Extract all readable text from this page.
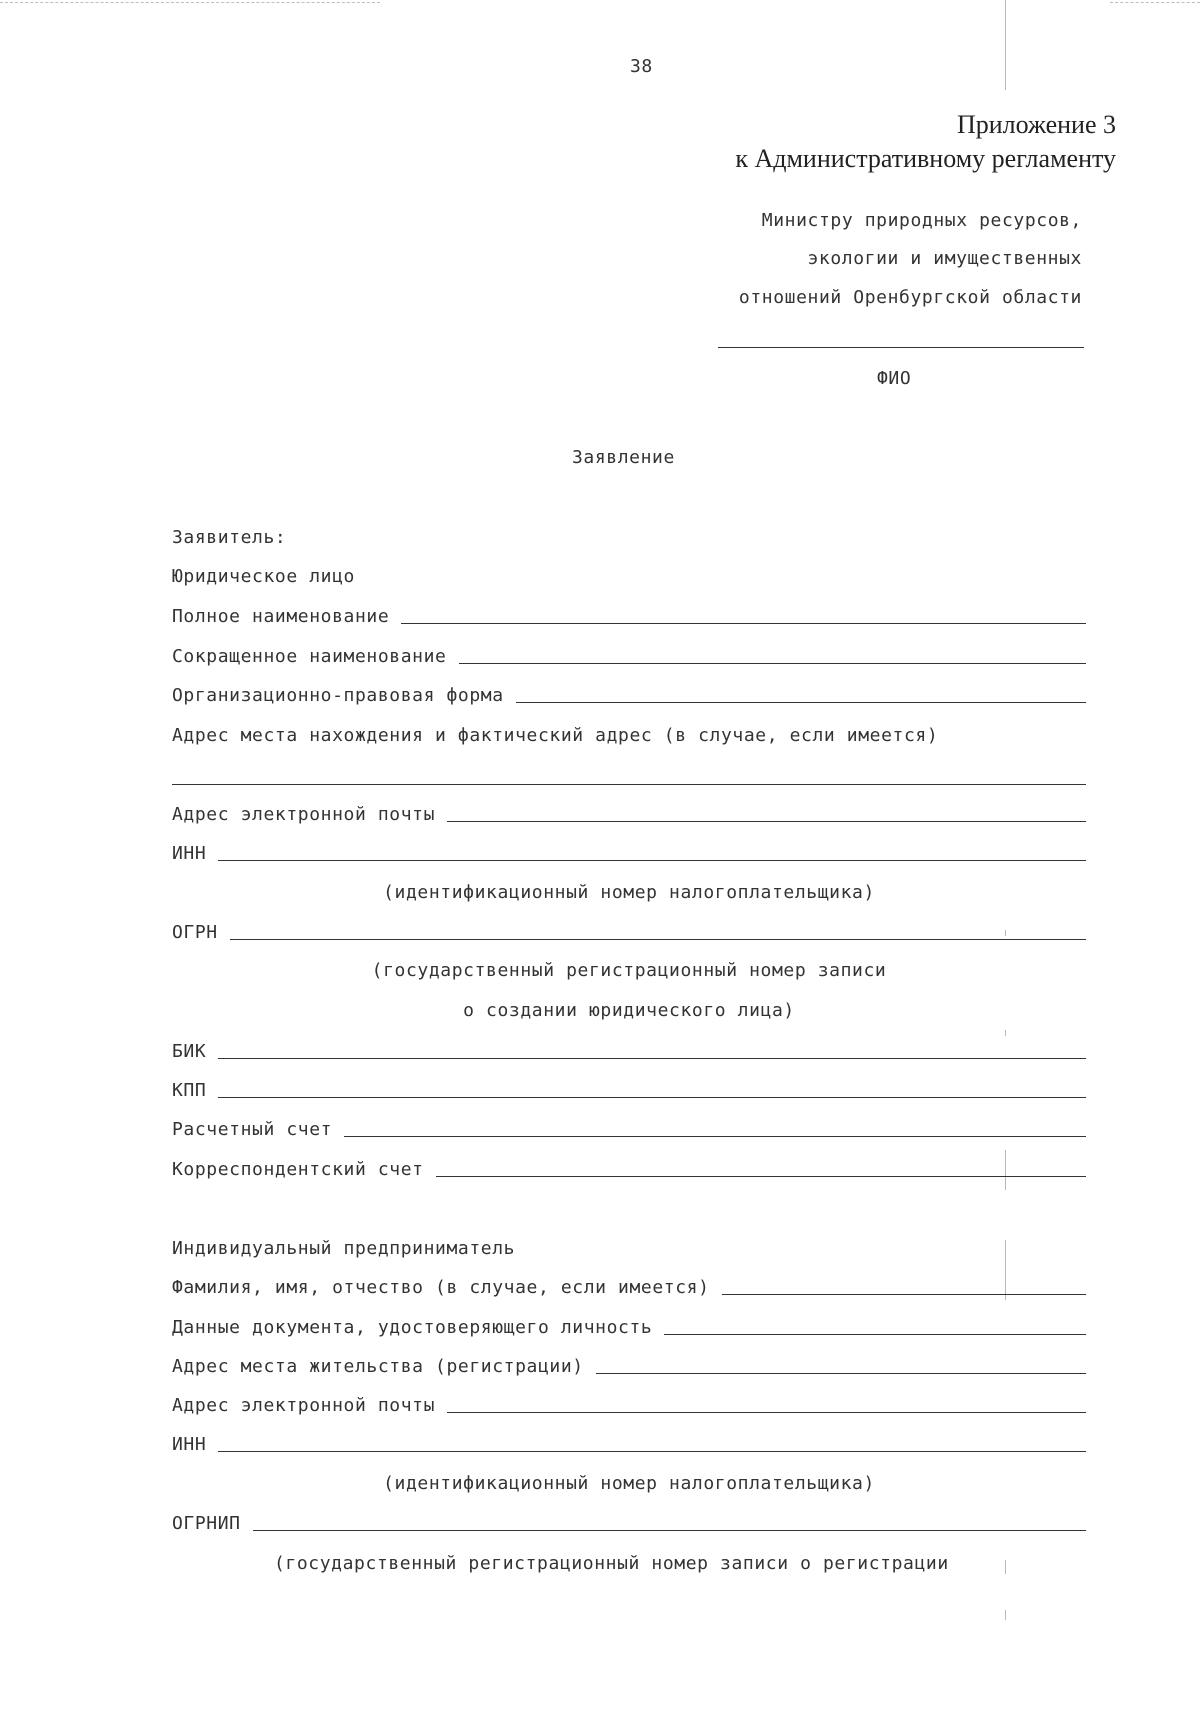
38
Приложение 3
к Административному регламенту
Министру природных ресурсов,
экологии и имущественных
отношений Оренбургской области
ФИО
Заявление
Заявитель:
Юридическое лицо
Полное наименование
Сокращенное наименование
Организационно-правовая форма
Адрес места нахождения и фактический адрес (в случае, если имеется)
Адрес электронной почты
ИНН
(идентификационный номер налогоплательщика)
ОГРН
(государственный регистрационный номер записи
о создании юридического лица)
БИК
КПП
Расчетный счет
Корреспондентский счет
Индивидуальный предприниматель
Фамилия, имя, отчество (в случае, если имеется)
Данные документа, удостоверяющего личность
Адрес места жительства (регистрации)
Адрес электронной почты
ИНН
(идентификационный номер налогоплательщика)
ОГРНИП
(государственный регистрационный номер записи о регистрации
